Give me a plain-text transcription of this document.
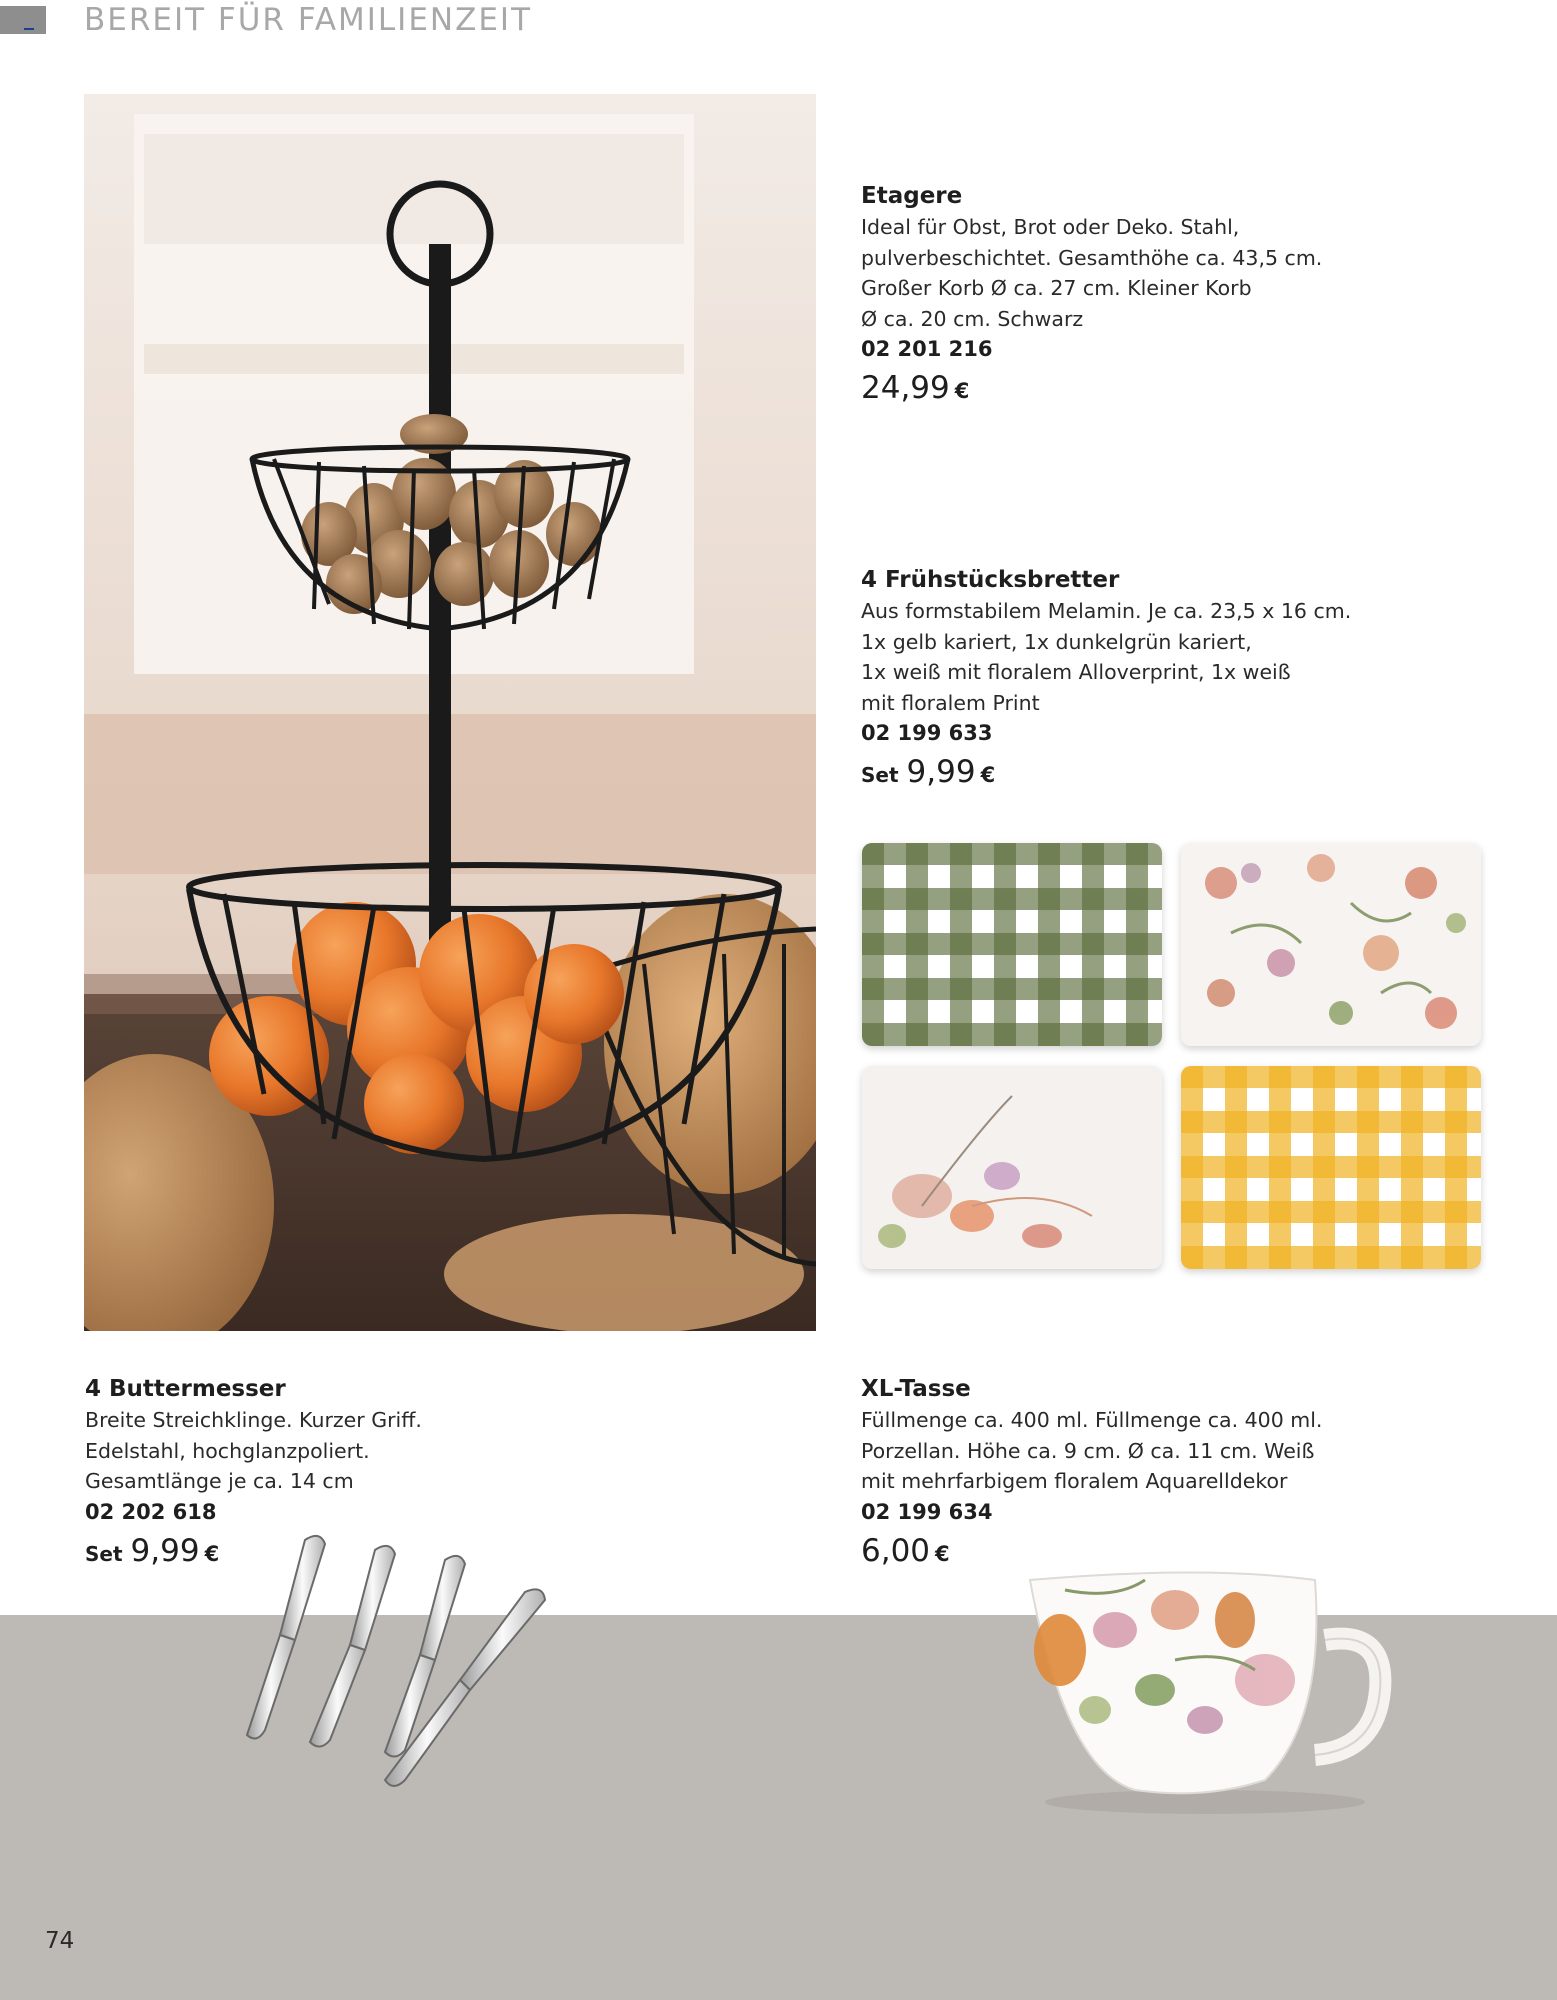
BEREIT FÜR FAMILIENZEIT
Etagere
Ideal für Obst, Brot oder Deko. Stahl,
pulverbeschichtet. Gesamthöhe ca. 43,5 cm.
Großer Korb Ø ca. 27 cm. Kleiner Korb
Ø ca. 20 cm. Schwarz
02 201 216
24,99 €
4 Frühstücksbretter
Aus formstabilem Melamin. Je ca. 23,5 x 16 cm.
1x gelb kariert, 1x dunkelgrün kariert,
1x weiß mit floralem Alloverprint, 1x weiß
mit floralem Print
02 199 633
Set 9,99 €
4 Buttermesser
Breite Streichklinge. Kurzer Griff.
Edelstahl, hochglanzpoliert.
Gesamtlänge je ca. 14 cm
02 202 618
Set 9,99 €
XL-Tasse
Füllmenge ca. 400 ml. Füllmenge ca. 400 ml.
Porzellan. Höhe ca. 9 cm. Ø ca. 11 cm. Weiß
mit mehrfarbigem floralem Aquarelldekor
02 199 634
6,00 €
74
